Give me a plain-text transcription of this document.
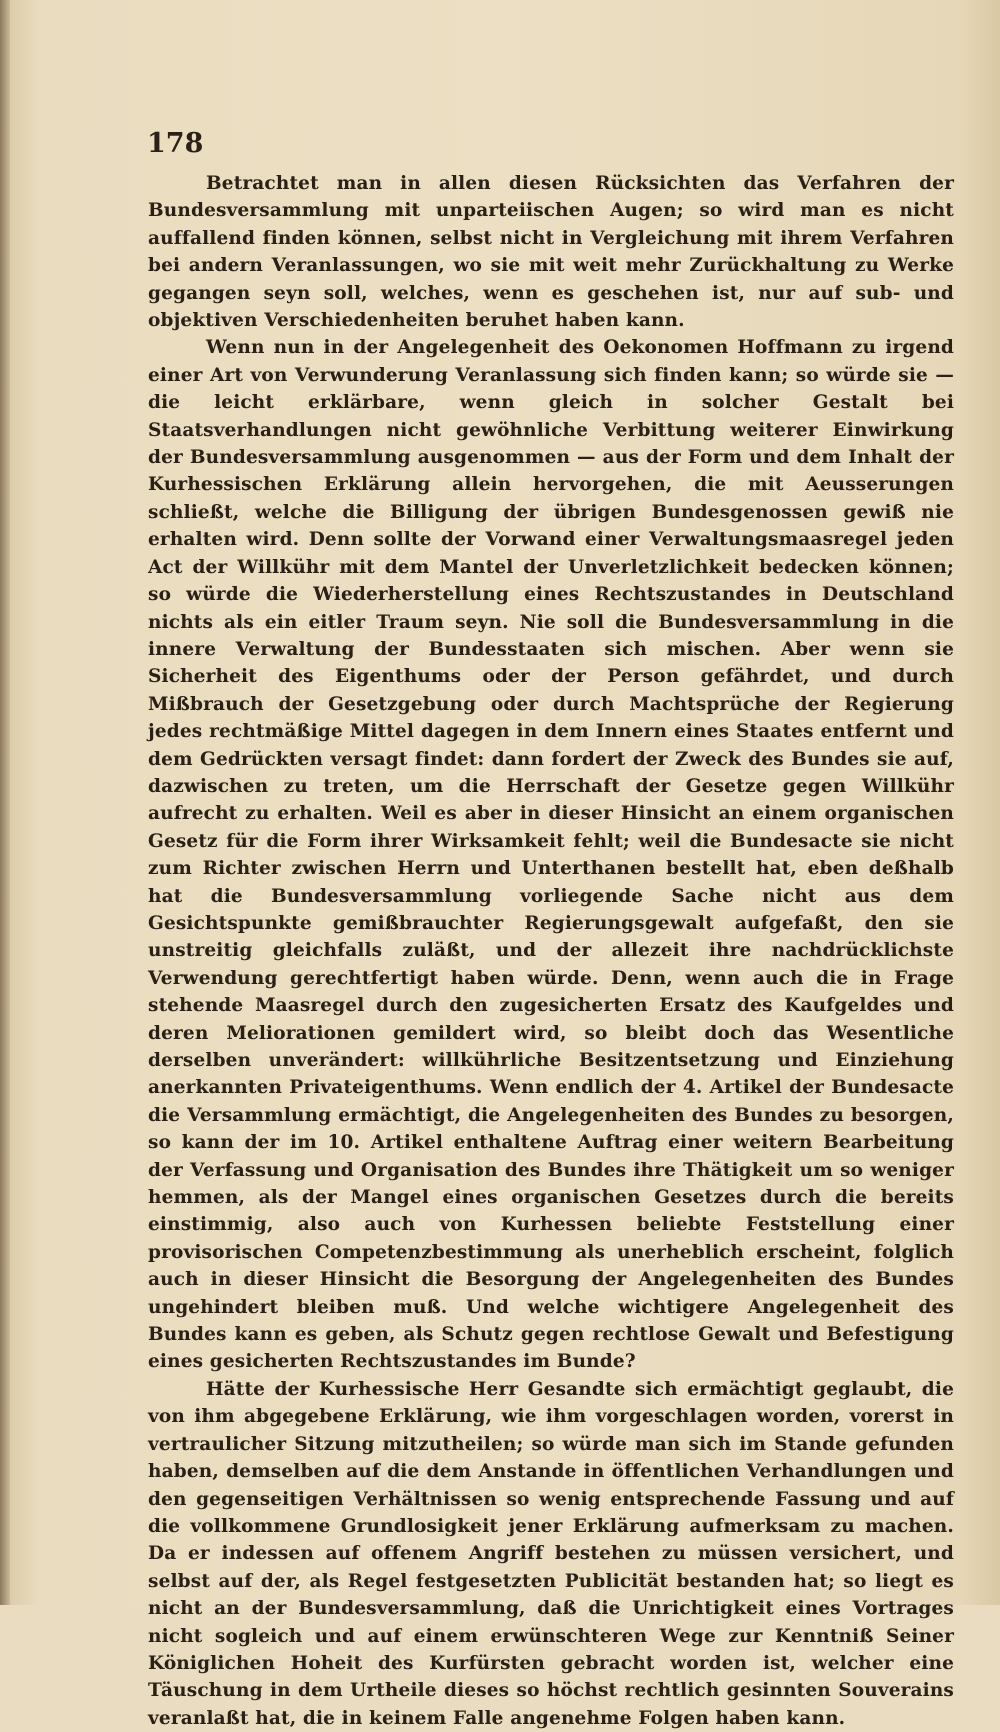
178

Betrachtet man in allen diesen Rücksichten das Verfahren der Bundesversammlung mit unparteiischen Augen; so wird man es nicht auffallend finden können, selbst nicht in Vergleichung mit ihrem Verfahren bei andern Veranlassungen, wo sie mit weit mehr Zurückhaltung zu Werke gegangen seyn soll, welches, wenn es geschehen ist, nur auf sub- und objektiven Verschiedenheiten beruhet haben kann.

Wenn nun in der Angelegenheit des Oekonomen Hoffmann zu irgend einer Art von Verwunderung Veranlassung sich finden kann; so würde sie — die leicht erklärbare, wenn gleich in solcher Gestalt bei Staatsverhandlungen nicht gewöhnliche Verbittung weiterer Einwirkung der Bundesversammlung ausgenommen — aus der Form und dem Inhalt der Kurhessischen Erklärung allein hervorgehen, die mit Aeusserungen schließt, welche die Billigung der übrigen Bundesgenossen gewiß nie erhalten wird. Denn sollte der Vorwand einer Verwaltungsmaasregel jeden Act der Willkühr mit dem Mantel der Unverletzlichkeit bedecken können; so würde die Wiederherstellung eines Rechtszustandes in Deutschland nichts als ein eitler Traum seyn. Nie soll die Bundesversammlung in die innere Verwaltung der Bundesstaaten sich mischen. Aber wenn sie Sicherheit des Eigenthums oder der Person gefährdet, und durch Mißbrauch der Gesetzgebung oder durch Machtsprüche der Regierung jedes rechtmäßige Mittel dagegen in dem Innern eines Staates entfernt und dem Gedrückten versagt findet: dann fordert der Zweck des Bundes sie auf, dazwischen zu treten, um die Herrschaft der Gesetze gegen Willkühr aufrecht zu erhalten. Weil es aber in dieser Hinsicht an einem organischen Gesetz für die Form ihrer Wirksamkeit fehlt; weil die Bundesacte sie nicht zum Richter zwischen Herrn und Unterthanen bestellt hat, eben deßhalb hat die Bundesversammlung vorliegende Sache nicht aus dem Gesichtspunkte gemißbrauchter Regierungsgewalt aufgefaßt, den sie unstreitig gleichfalls zuläßt, und der allezeit ihre nachdrücklichste Verwendung gerechtfertigt haben würde. Denn, wenn auch die in Frage stehende Maasregel durch den zugesicherten Ersatz des Kaufgeldes und deren Meliorationen gemildert wird, so bleibt doch das Wesentliche derselben unverändert: willkührliche Besitzentsetzung und Einziehung anerkannten Privateigenthums. Wenn endlich der 4. Artikel der Bundesacte die Versammlung ermächtigt, die Angelegenheiten des Bundes zu besorgen, so kann der im 10. Artikel enthaltene Auftrag einer weitern Bearbeitung der Verfassung und Organisation des Bundes ihre Thätigkeit um so weniger hemmen, als der Mangel eines organischen Gesetzes durch die bereits einstimmig, also auch von Kurhessen beliebte Feststellung einer provisorischen Competenzbestimmung als unerheblich erscheint, folglich auch in dieser Hinsicht die Besorgung der Angelegenheiten des Bundes ungehindert bleiben muß. Und welche wichtigere Angelegenheit des Bundes kann es geben, als Schutz gegen rechtlose Gewalt und Befestigung eines gesicherten Rechtszustandes im Bunde?

Hätte der Kurhessische Herr Gesandte sich ermächtigt geglaubt, die von ihm abgegebene Erklärung, wie ihm vorgeschlagen worden, vorerst in vertraulicher Sitzung mitzutheilen; so würde man sich im Stande gefunden haben, demselben auf die dem Anstande in öffentlichen Verhandlungen und den gegenseitigen Verhältnissen so wenig entsprechende Fassung und auf die vollkommene Grundlosigkeit jener Erklärung aufmerksam zu machen. Da er indessen auf offenem Angriff bestehen zu müssen versichert, und selbst auf der, als Regel festgesetzten Publicität bestanden hat; so liegt es nicht an der Bundesversammlung, daß die Unrichtigkeit eines Vortrages nicht sogleich und auf einem erwünschteren Wege zur Kenntniß Seiner Königlichen Hoheit des Kurfürsten gebracht worden ist, welcher eine Täuschung in dem Urtheile dieses so höchst rechtlich gesinnten Souverains veranlaßt hat, die in keinem Falle angenehme Folgen haben kann.
